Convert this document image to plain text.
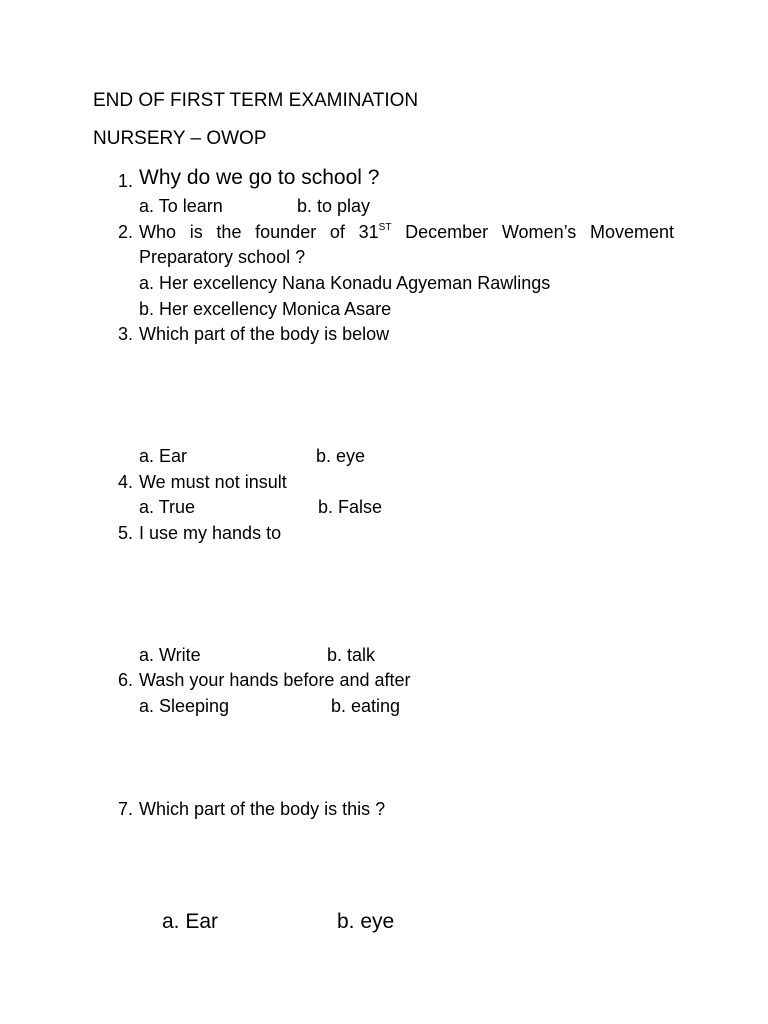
END OF FIRST TERM EXAMINATION
NURSERY – OWOP
1. Why do we go to school ?
a. To learn	b. to play
2. Who is the founder of 31ST December Women’s Movement
Preparatory school ?
a. Her excellency Nana Konadu Agyeman Rawlings
b. Her excellency Monica Asare
3. Which part of the body is below
a. Ear	b. eye
4. We must not insult
a. True	b. False
5. I use my hands to
a. Write	b. talk
6. Wash your hands before and after
a. Sleeping	b. eating
7. Which part of the body is this ?
a. Ear	b. eye
